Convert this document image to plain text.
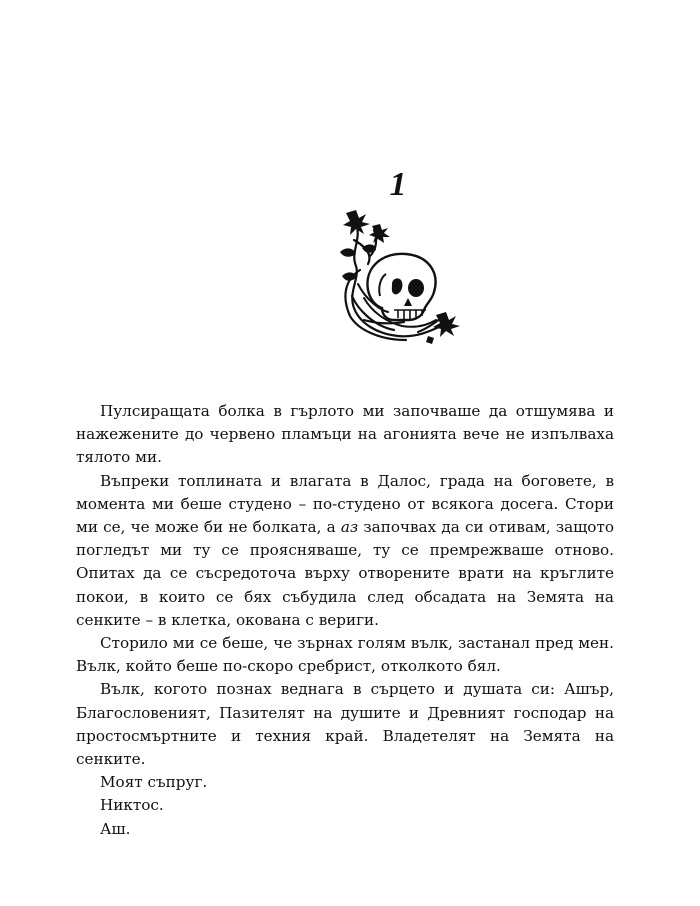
1

Пулсиращата болка в гърлото ми започваше да отшумява и нажежените до червено пламъци на агонията вече не изпълваха тялото ми.

Въпреки топлината и влагата в Далос, града на боговете, в момента ми беше студено – по-студено от всякога досега. Стори ми се, че може би не болката, а аз започвах да си отивам, защото погледът ми ту се проясняваше, ту се премрежваше отново. Опитах да се съсредоточа върху отворените врати на кръглите покои, в които се бях събудила след обсадата на Земята на сенките – в клетка, окована с вериги.

Сторило ми се беше, че зърнах голям вълк, застанал пред мен. Вълк, който беше по-скоро сребрист, отколкото бял.

Вълк, когото познах веднага в сърцето и душата си: Ашър, Благословеният, Пазителят на душите и Древният господар на простосмъртните и техния край. Владетелят на Земята на сенките.

Моят съпруг.

Никтос.

Аш.
